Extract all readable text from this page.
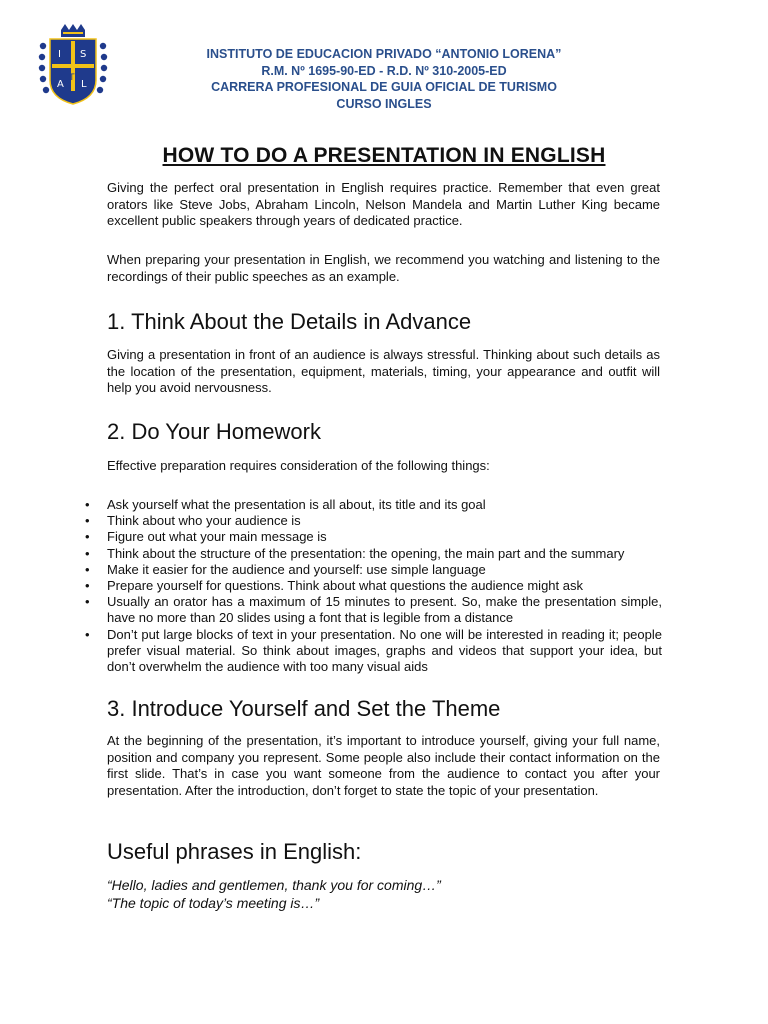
I S
T
A L
INSTITUTO DE EDUCACION PRIVADO “ANTONIO LORENA”
R.M. Nº 1695-90-ED - R.D. Nº 310-2005-ED
CARRERA PROFESIONAL DE GUIA OFICIAL DE TURISMO
CURSO INGLES
HOW TO DO A PRESENTATION IN ENGLISH

Giving the perfect oral presentation in English requires practice. Remember that even great orators like Steve Jobs, Abraham Lincoln, Nelson Mandela and Martin Luther King became excellent public speakers through years of dedicated practice.

When preparing your presentation in English, we recommend you watching and listening to the recordings of their public speeches as an example.

1. Think About the Details in Advance

Giving a presentation in front of an audience is always stressful. Thinking about such details as the location of the presentation, equipment, materials, timing, your appearance and outfit will help you avoid nervousness.

2. Do Your Homework

Effective preparation requires consideration of the following things:

• Ask yourself what the presentation is all about, its title and its goal
• Think about who your audience is
• Figure out what your main message is
• Think about the structure of the presentation: the opening, the main part and the summary
• Make it easier for the audience and yourself: use simple language
• Prepare yourself for questions. Think about what questions the audience might ask
• Usually an orator has a maximum of 15 minutes to present. So, make the presentation simple, have no more than 20 slides using a font that is legible from a distance
• Don’t put large blocks of text in your presentation. No one will be interested in reading it; people prefer visual material. So think about images, graphs and videos that support your idea, but don’t overwhelm the audience with too many visual aids
3. Introduce Yourself and Set the Theme

At the beginning of the presentation, it’s important to introduce yourself, giving your full name, position and company you represent. Some people also include their contact information on the first slide. That’s in case you want someone from the audience to contact you after your presentation. After the introduction, don’t forget to state the topic of your presentation.

Useful phrases in English:

“Hello, ladies and gentlemen, thank you for coming…”

“The topic of today’s meeting is…”
